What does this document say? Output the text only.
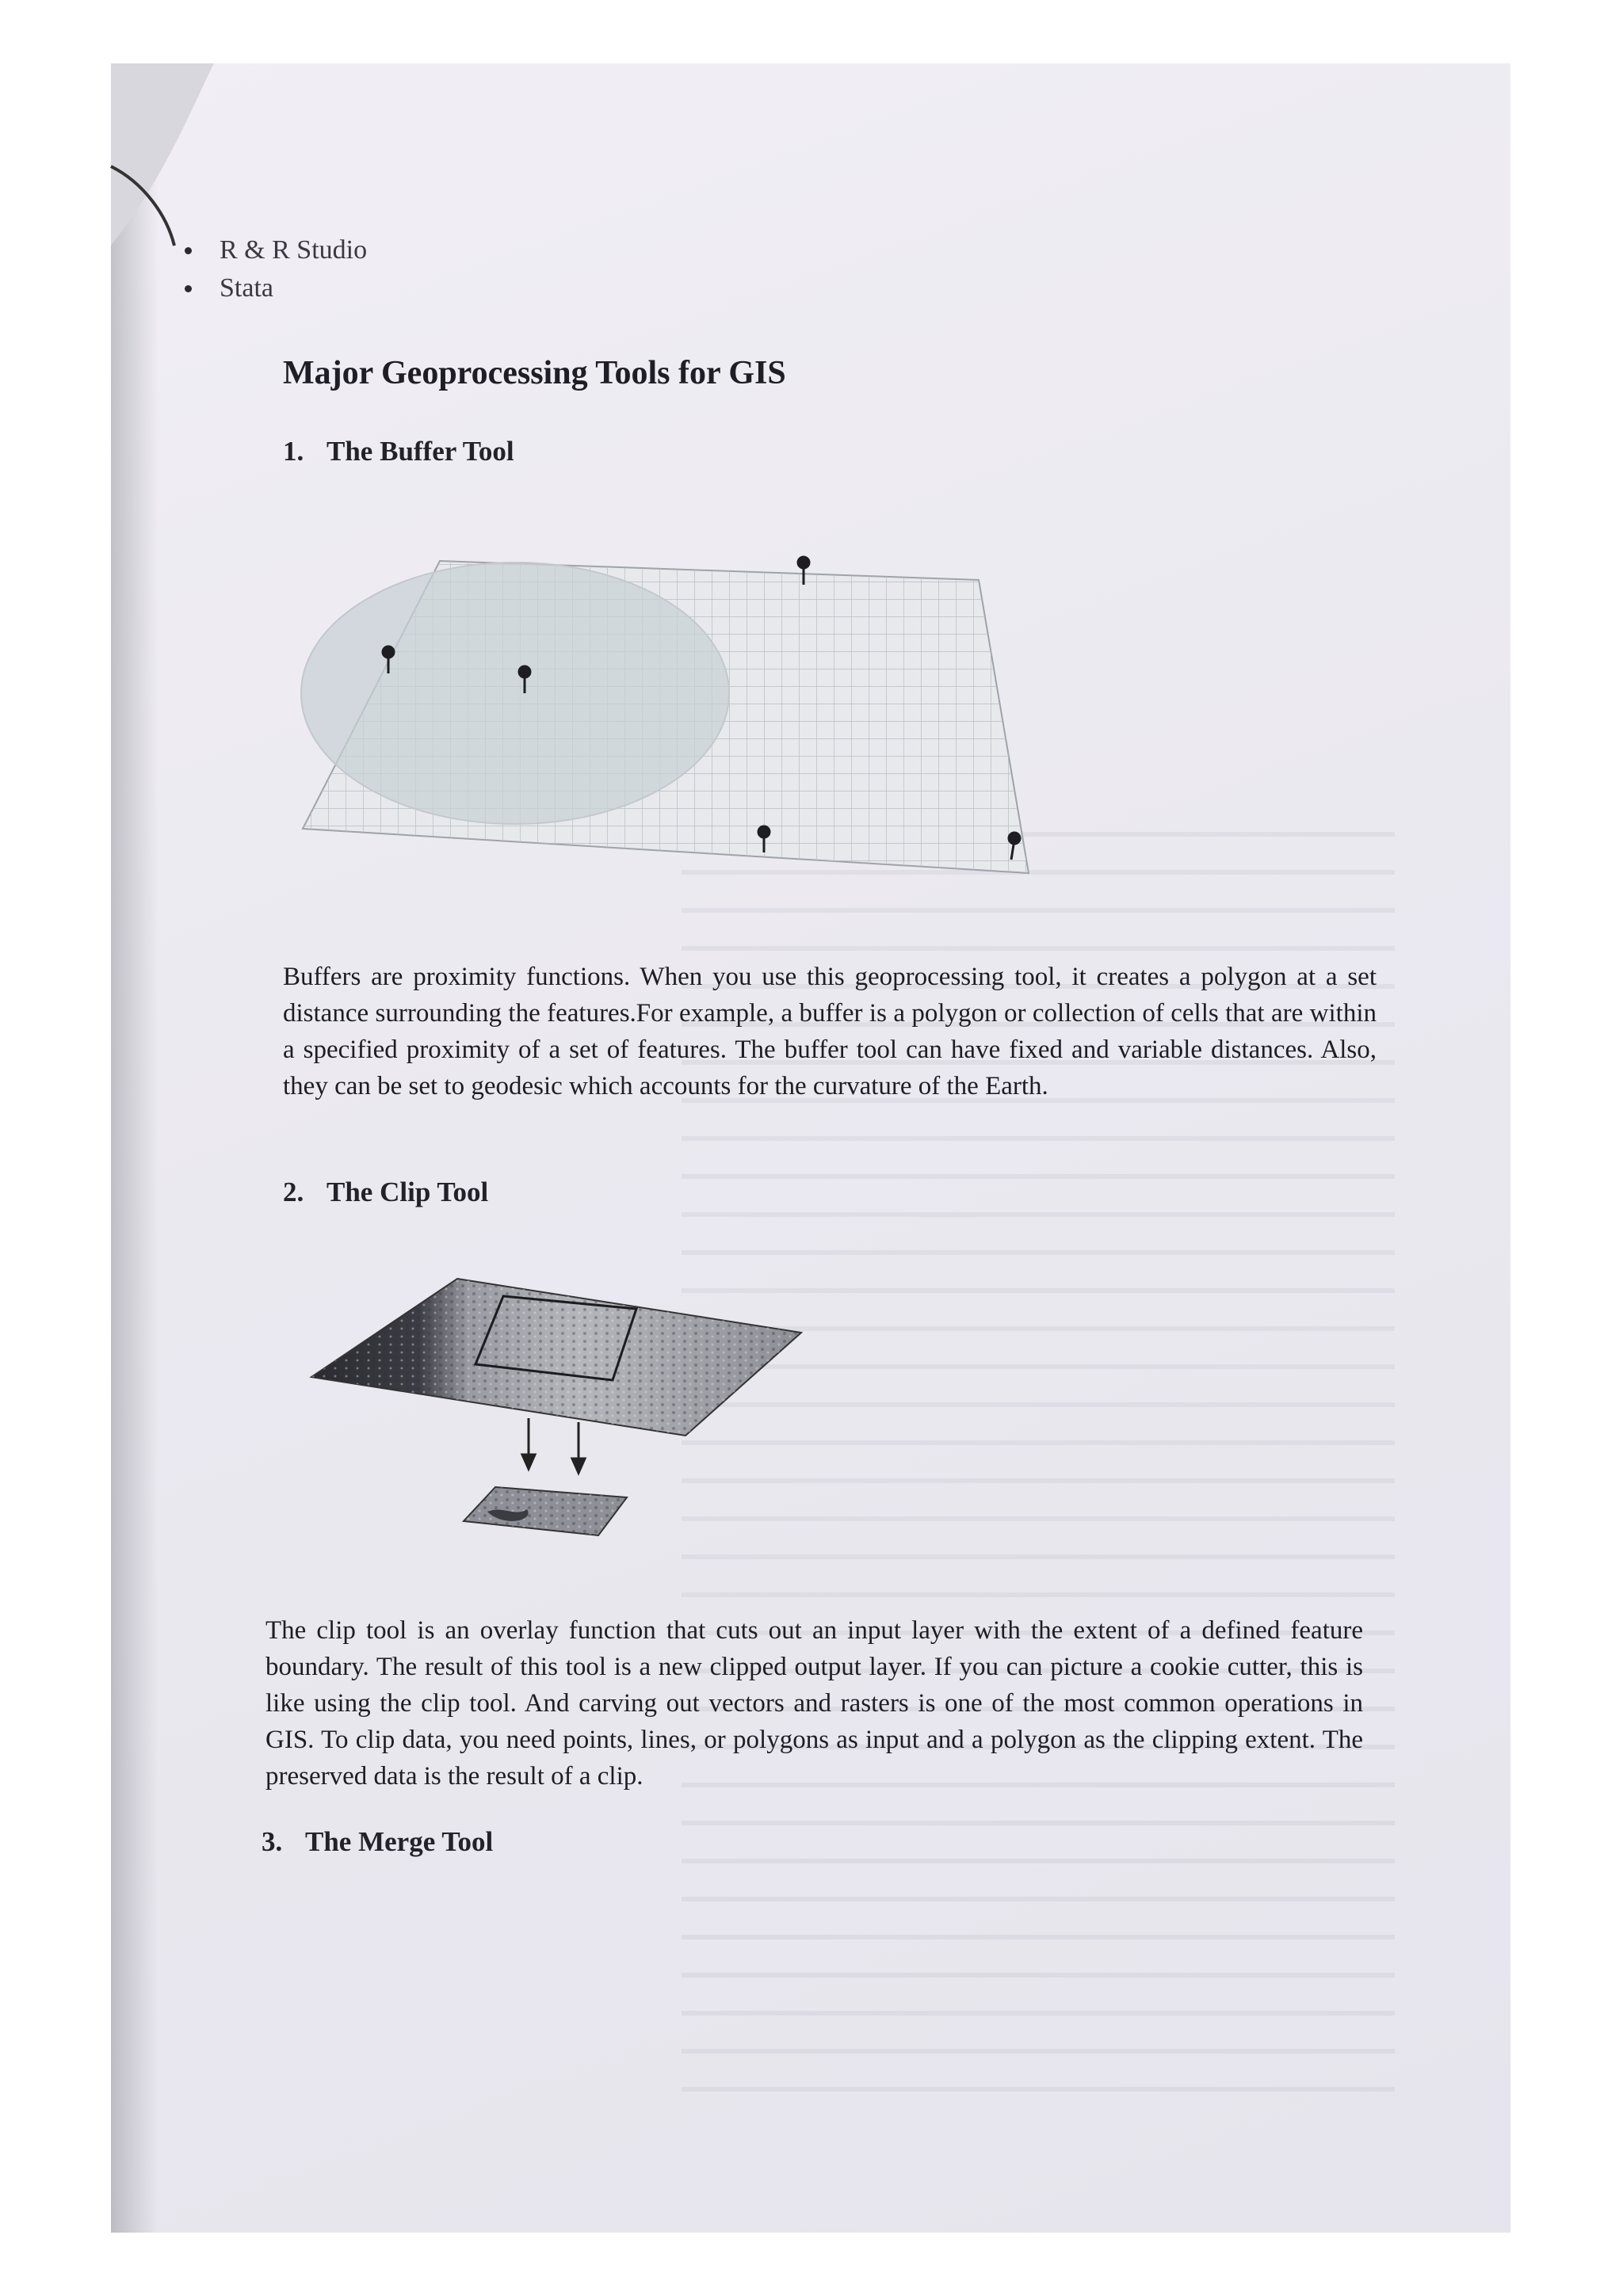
R & R Studio
Stata
Major Geoprocessing Tools for GIS
1. The Buffer Tool
Buffers are proximity functions. When you use this geoprocessing tool, it creates a polygon at a set distance surrounding the features.For example, a buffer is a polygon or collection of cells that are within a specified proximity of a set of features. The buffer tool can have fixed and variable distances. Also, they can be set to geodesic which accounts for the curvature of the Earth.
2. The Clip Tool
The clip tool is an overlay function that cuts out an input layer with the extent of a defined feature boundary. The result of this tool is a new clipped output layer. If you can picture a cookie cutter, this is like using the clip tool. And carving out vectors and rasters is one of the most common operations in GIS. To clip data, you need points, lines, or polygons as input and a polygon as the clipping extent. The preserved data is the result of a clip.
3. The Merge Tool
